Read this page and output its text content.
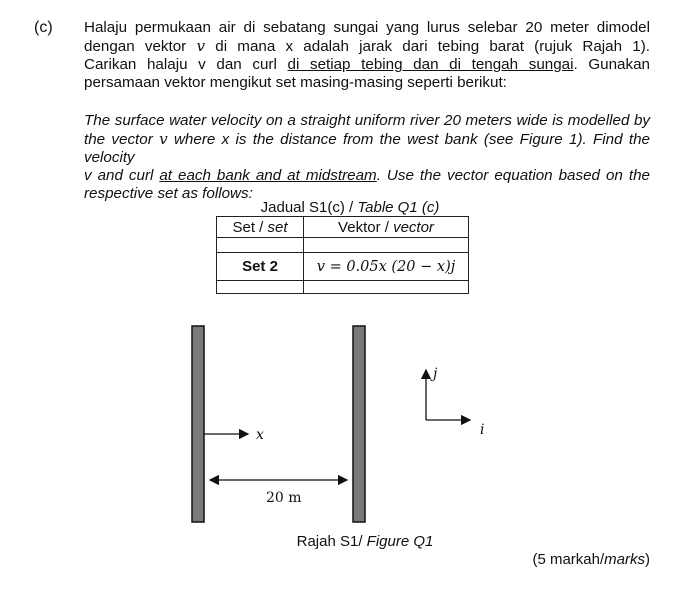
(c) Halaju permukaan air di sebatang sungai yang lurus selebar 20 meter dimodel
dengan vektor v di mana x adalah jarak dari tebing barat (rujuk Rajah 1).
Carikan halaju v dan curl di setiap tebing dan di tengah sungai. Gunakan
persamaan vektor mengikut set masing-masing seperti berikut:
The surface water velocity on a straight uniform river 20 meters wide is modelled by
the vector v where x is the distance from the west bank (see Figure 1). Find the velocity
v and curl at each bank and at midstream. Use the vector equation based on the
respective set as follows:
Jadual S1(c) / Table Q1 (c)
Set / set	Vektor / vector

Set 2	v = 0.05x (20 − x)j

x
20 m
j
i
Rajah S1/ Figure Q1
(5 markah/marks)
